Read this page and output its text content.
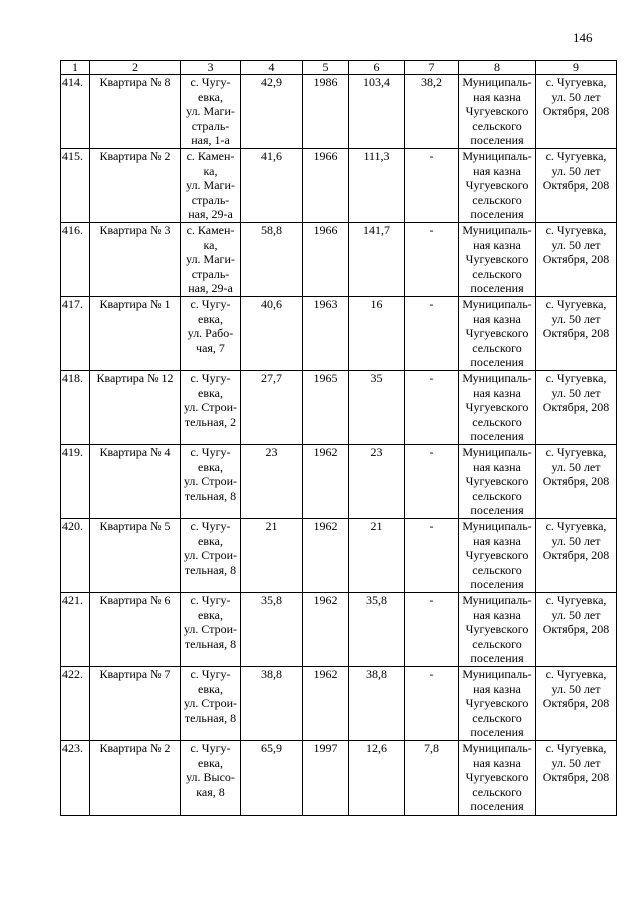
146
1	2	3	4	5	6	7	8	9
414.	Квартира № 8	с. Чугу-
евка,
ул. Маги-
страль-
ная, 1-а	42,9	1986	103,4	38,2	Муниципаль-
ная казна
Чугуевского
сельского
поселения	с. Чугуевка,
ул. 50 лет
Октября, 208

415.	Квартира № 2	с. Камен-
ка,
ул. Маги-
страль-
ная, 29-а	41,6	1966	111,3	-	Муниципаль-
ная казна
Чугуевского
сельского
поселения	с. Чугуевка,
ул. 50 лет
Октября, 208

416.	Квартира № 3	с. Камен-
ка,
ул. Маги-
страль-
ная, 29-а	58,8	1966	141,7	-	Муниципаль-
ная казна
Чугуевского
сельского
поселения	с. Чугуевка,
ул. 50 лет
Октября, 208

417.	Квартира № 1	с. Чугу-
евка,
ул. Рабо-
чая, 7	40,6	1963	16	-	Муниципаль-
ная казна
Чугуевского
сельского
поселения	с. Чугуевка,
ул. 50 лет
Октября, 208

418.	Квартира № 12	с. Чугу-
евка,
ул. Строи-
тельная, 2	27,7	1965	35	-	Муниципаль-
ная казна
Чугуевского
сельского
поселения	с. Чугуевка,
ул. 50 лет
Октября, 208

419.	Квартира № 4	с. Чугу-
евка,
ул. Строи-
тельная, 8	23	1962	23	-	Муниципаль-
ная казна
Чугуевского
сельского
поселения	с. Чугуевка,
ул. 50 лет
Октября, 208

420.	Квартира № 5	с. Чугу-
евка,
ул. Строи-
тельная, 8	21	1962	21	-	Муниципаль-
ная казна
Чугуевского
сельского
поселения	с. Чугуевка,
ул. 50 лет
Октября, 208

421.	Квартира № 6	с. Чугу-
евка,
ул. Строи-
тельная, 8	35,8	1962	35,8	-	Муниципаль-
ная казна
Чугуевского
сельского
поселения	с. Чугуевка,
ул. 50 лет
Октября, 208

422.	Квартира № 7	с. Чугу-
евка,
ул. Строи-
тельная, 8	38,8	1962	38,8	-	Муниципаль-
ная казна
Чугуевского
сельского
поселения	с. Чугуевка,
ул. 50 лет
Октября, 208

423.	Квартира № 2	с. Чугу-
евка,
ул. Высо-
кая, 8	65,9	1997	12,6	7,8	Муниципаль-
ная казна
Чугуевского
сельского
поселения	с. Чугуевка,
ул. 50 лет
Октября, 208
